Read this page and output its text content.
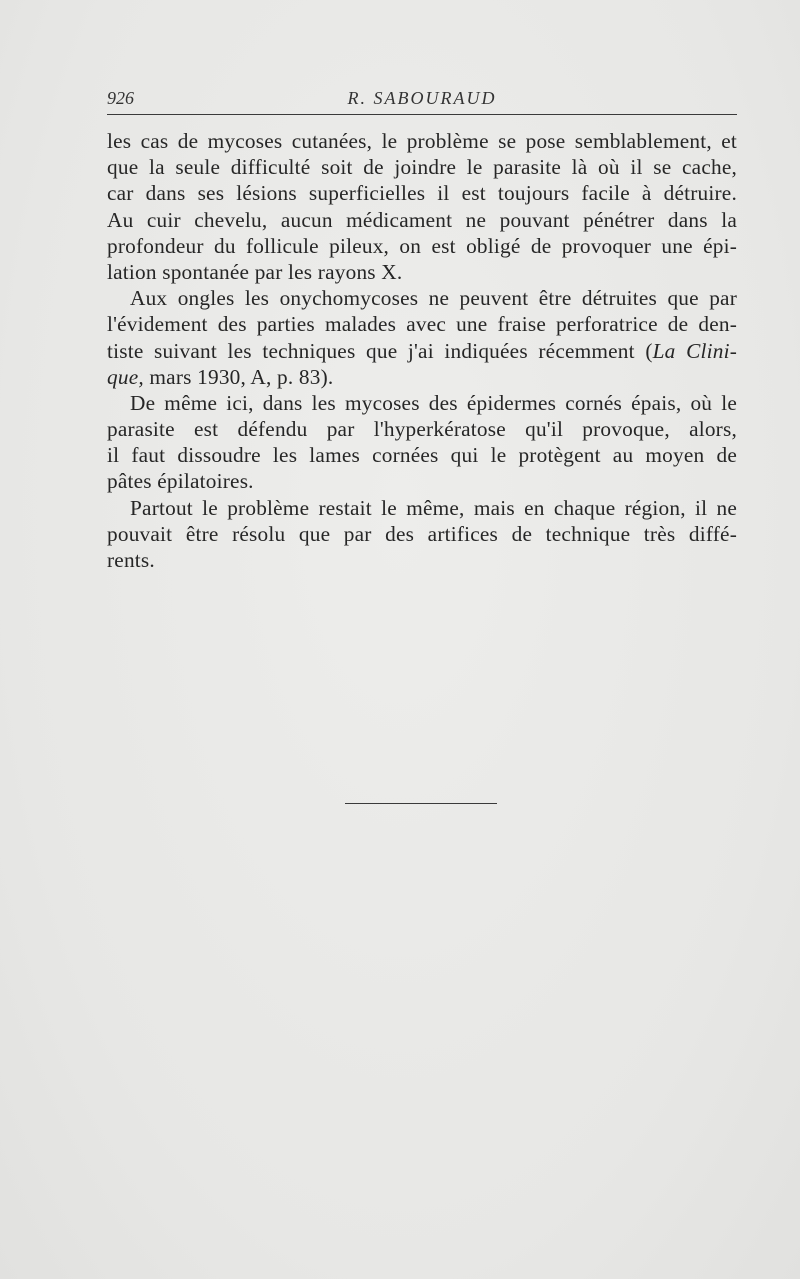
926	R. SABOURAUD
les cas de mycoses cutanées, le problème se pose semblablement, et
que la seule difficulté soit de joindre le parasite là où il se cache,
car dans ses lésions superficielles il est toujours facile à détruire.
Au cuir chevelu, aucun médicament ne pouvant pénétrer dans la
profondeur du follicule pileux, on est obligé de provoquer une épi-
lation spontanée par les rayons X.
Aux ongles les onychomycoses ne peuvent être détruites que par
l'évidement des parties malades avec une fraise perforatrice de den-
tiste suivant les techniques que j'ai indiquées récemment (La Clini-
que, mars 1930, A, p. 83).
De même ici, dans les mycoses des épidermes cornés épais, où le
parasite est défendu par l'hyperkératose qu'il provoque, alors,
il faut dissoudre les lames cornées qui le protègent au moyen de
pâtes épilatoires.
Partout le problème restait le même, mais en chaque région, il ne
pouvait être résolu que par des artifices de technique très diffé-
rents.
